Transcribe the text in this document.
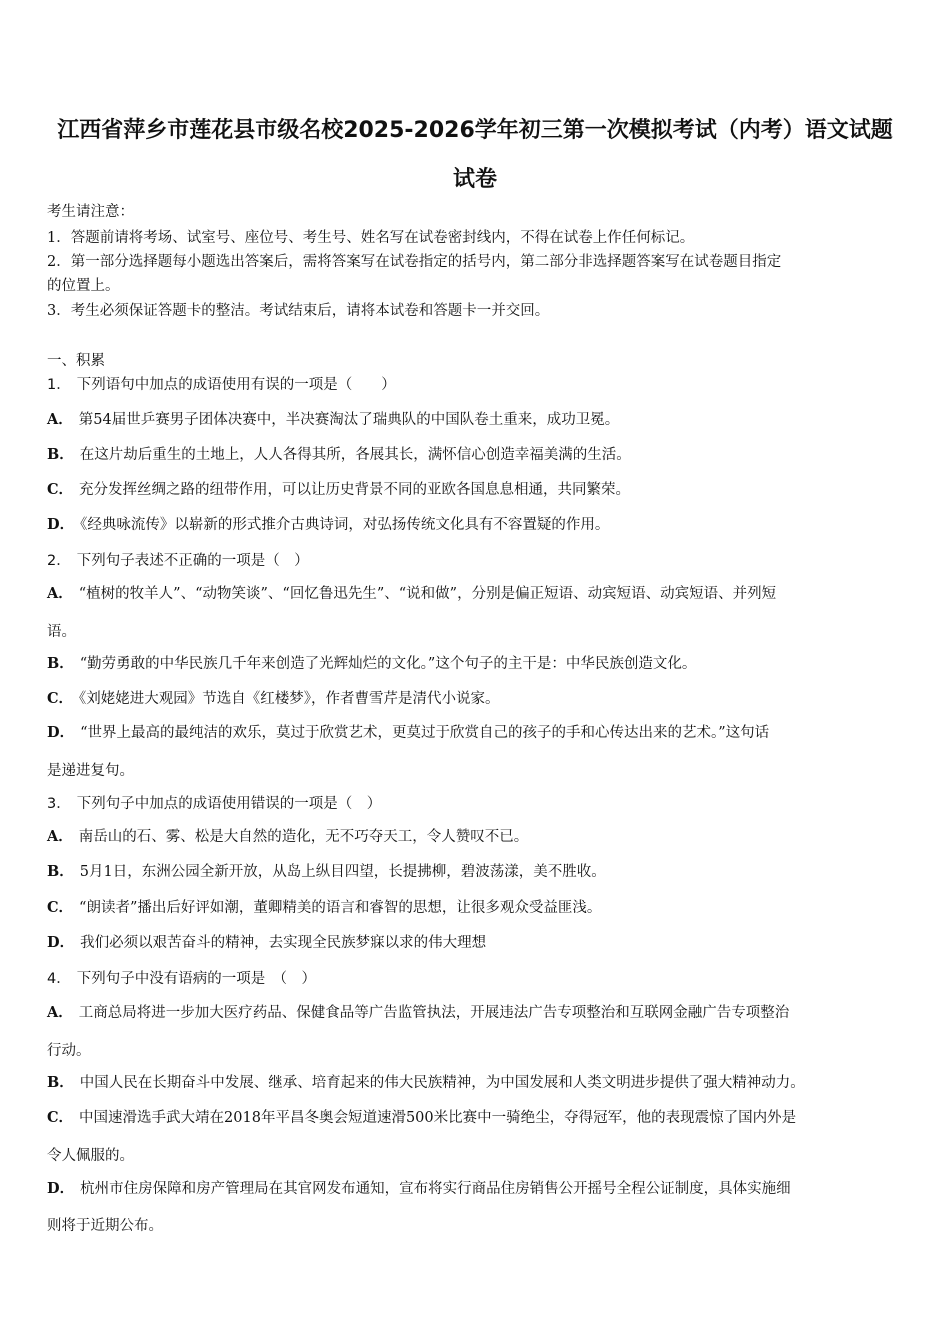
江西省萍乡市莲花县市级名校2025-2026学年初三第一次模拟考试（内考）语文试题
试卷
考生请注意：
1．答题前请将考场、试室号、座位号、考生号、姓名写在试卷密封线内，不得在试卷上作任何标记。
2．第一部分选择题每小题选出答案后，需将答案写在试卷指定的括号内，第二部分非选择题答案写在试卷题目指定
的位置上。
3．考生必须保证答题卡的整洁。考试结束后，请将本试卷和答题卡一并交回。
一、积累
1． 下列语句中加点的成语使用有误的一项是（　　）
A． 第54届世乒赛男子团体决赛中，半决赛淘汰了瑞典队的中国队卷土重来，成功卫冕。
B． 在这片劫后重生的土地上，人人各得其所，各展其长，满怀信心创造幸福美满的生活。
C． 充分发挥丝绸之路的纽带作用，可以让历史背景不同的亚欧各国息息相通，共同繁荣。
D． 《经典咏流传》以崭新的形式推介古典诗词，对弘扬传统文化具有不容置疑的作用。
2． 下列句子表述不正确的一项是（　）
A． “植树的牧羊人”、“动物笑谈”、“回忆鲁迅先生”、“说和做”，分别是偏正短语、动宾短语、动宾短语、并列短
语。
B． “勤劳勇敢的中华民族几千年来创造了光辉灿烂的文化。”这个句子的主干是：中华民族创造文化。
C． 《刘姥姥进大观园》节选自《红楼梦》，作者曹雪芹是清代小说家。
D． “世界上最高的最纯洁的欢乐，莫过于欣赏艺术，更莫过于欣赏自己的孩子的手和心传达出来的艺术。”这句话
是递进复句。
3． 下列句子中加点的成语使用错误的一项是（　）
A． 南岳山的石、雾、松是大自然的造化，无不巧夺天工，令人赞叹不已。
B． 5月1日，东洲公园全新开放，从岛上纵目四望，长提拂柳，碧波荡漾，美不胜收。
C． “朗读者”播出后好评如潮，董卿精美的语言和睿智的思想，让很多观众受益匪浅。
D． 我们必须以艰苦奋斗的精神，去实现全民族梦寐以求的伟大理想
4． 下列句子中没有语病的一项是　（　）
A． 工商总局将进一步加大医疗药品、保健食品等广告监管执法，开展违法广告专项整治和互联网金融广告专项整治
行动。
B． 中国人民在长期奋斗中发展、继承、培育起来的伟大民族精神，为中国发展和人类文明进步提供了强大精神动力。
C． 中国速滑选手武大靖在2018年平昌冬奥会短道速滑500米比赛中一骑绝尘，夺得冠军，他的表现震惊了国内外是
令人佩服的。
D． 杭州市住房保障和房产管理局在其官网发布通知，宣布将实行商品住房销售公开摇号全程公证制度，具体实施细
则将于近期公布。
